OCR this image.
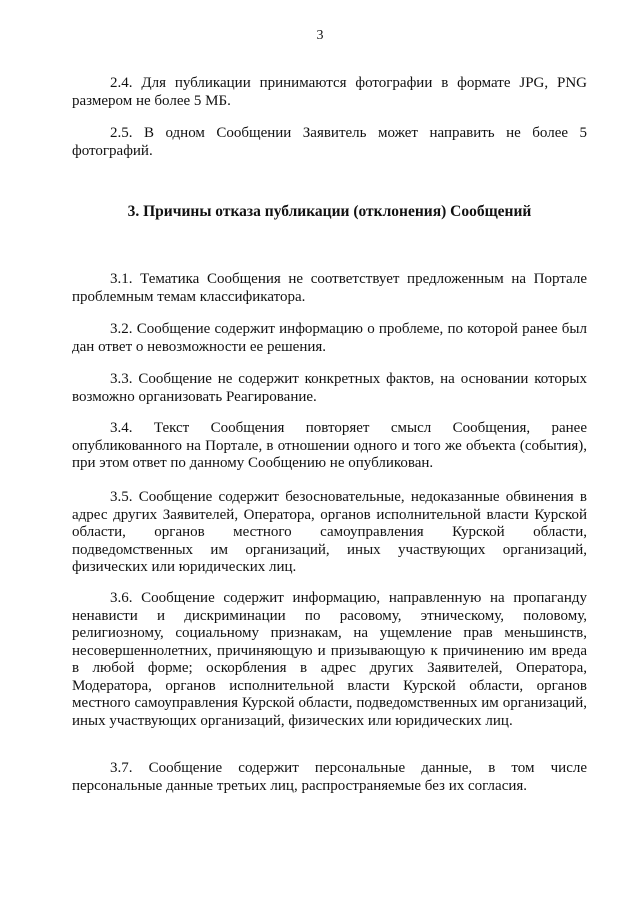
3

2.4. Для публикации принимаются фотографии в формате JPG, PNG размером не более 5 МБ.

2.5. В одном Сообщении Заявитель может направить не более 5 фотографий.

3. Причины отказа публикации (отклонения) Сообщений

3.1. Тематика Сообщения не соответствует предложенным на Портале проблемным темам классификатора.

3.2. Сообщение содержит информацию о проблеме, по которой ранее был дан ответ о невозможности ее решения.

3.3. Сообщение не содержит конкретных фактов, на основании которых возможно организовать Реагирование.

3.4. Текст Сообщения повторяет смысл Сообщения, ранее опубликованного на Портале, в отношении одного и того же объекта (события), при этом ответ по данному Сообщению не опубликован.

3.5. Сообщение содержит безосновательные, недоказанные обвинения в адрес других Заявителей, Оператора, органов исполнительной власти Курской области, органов местного самоуправления Курской области, подведомственных им организаций, иных участвующих организаций, физических или юридических лиц.

3.6. Сообщение содержит информацию, направленную на пропаганду ненависти и дискриминации по расовому, этническому, половому, религиозному, социальному признакам, на ущемление прав меньшинств, несовершеннолетних, причиняющую и призывающую к причинению им вреда в любой форме; оскорбления в адрес других Заявителей, Оператора, Модератора, органов исполнительной власти Курской области, органов местного самоуправления Курской области, подведомственных им организаций, иных участвующих организаций, физических или юридических лиц.

3.7. Сообщение содержит персональные данные, в том числе персональные данные третьих лиц, распространяемые без их согласия.
